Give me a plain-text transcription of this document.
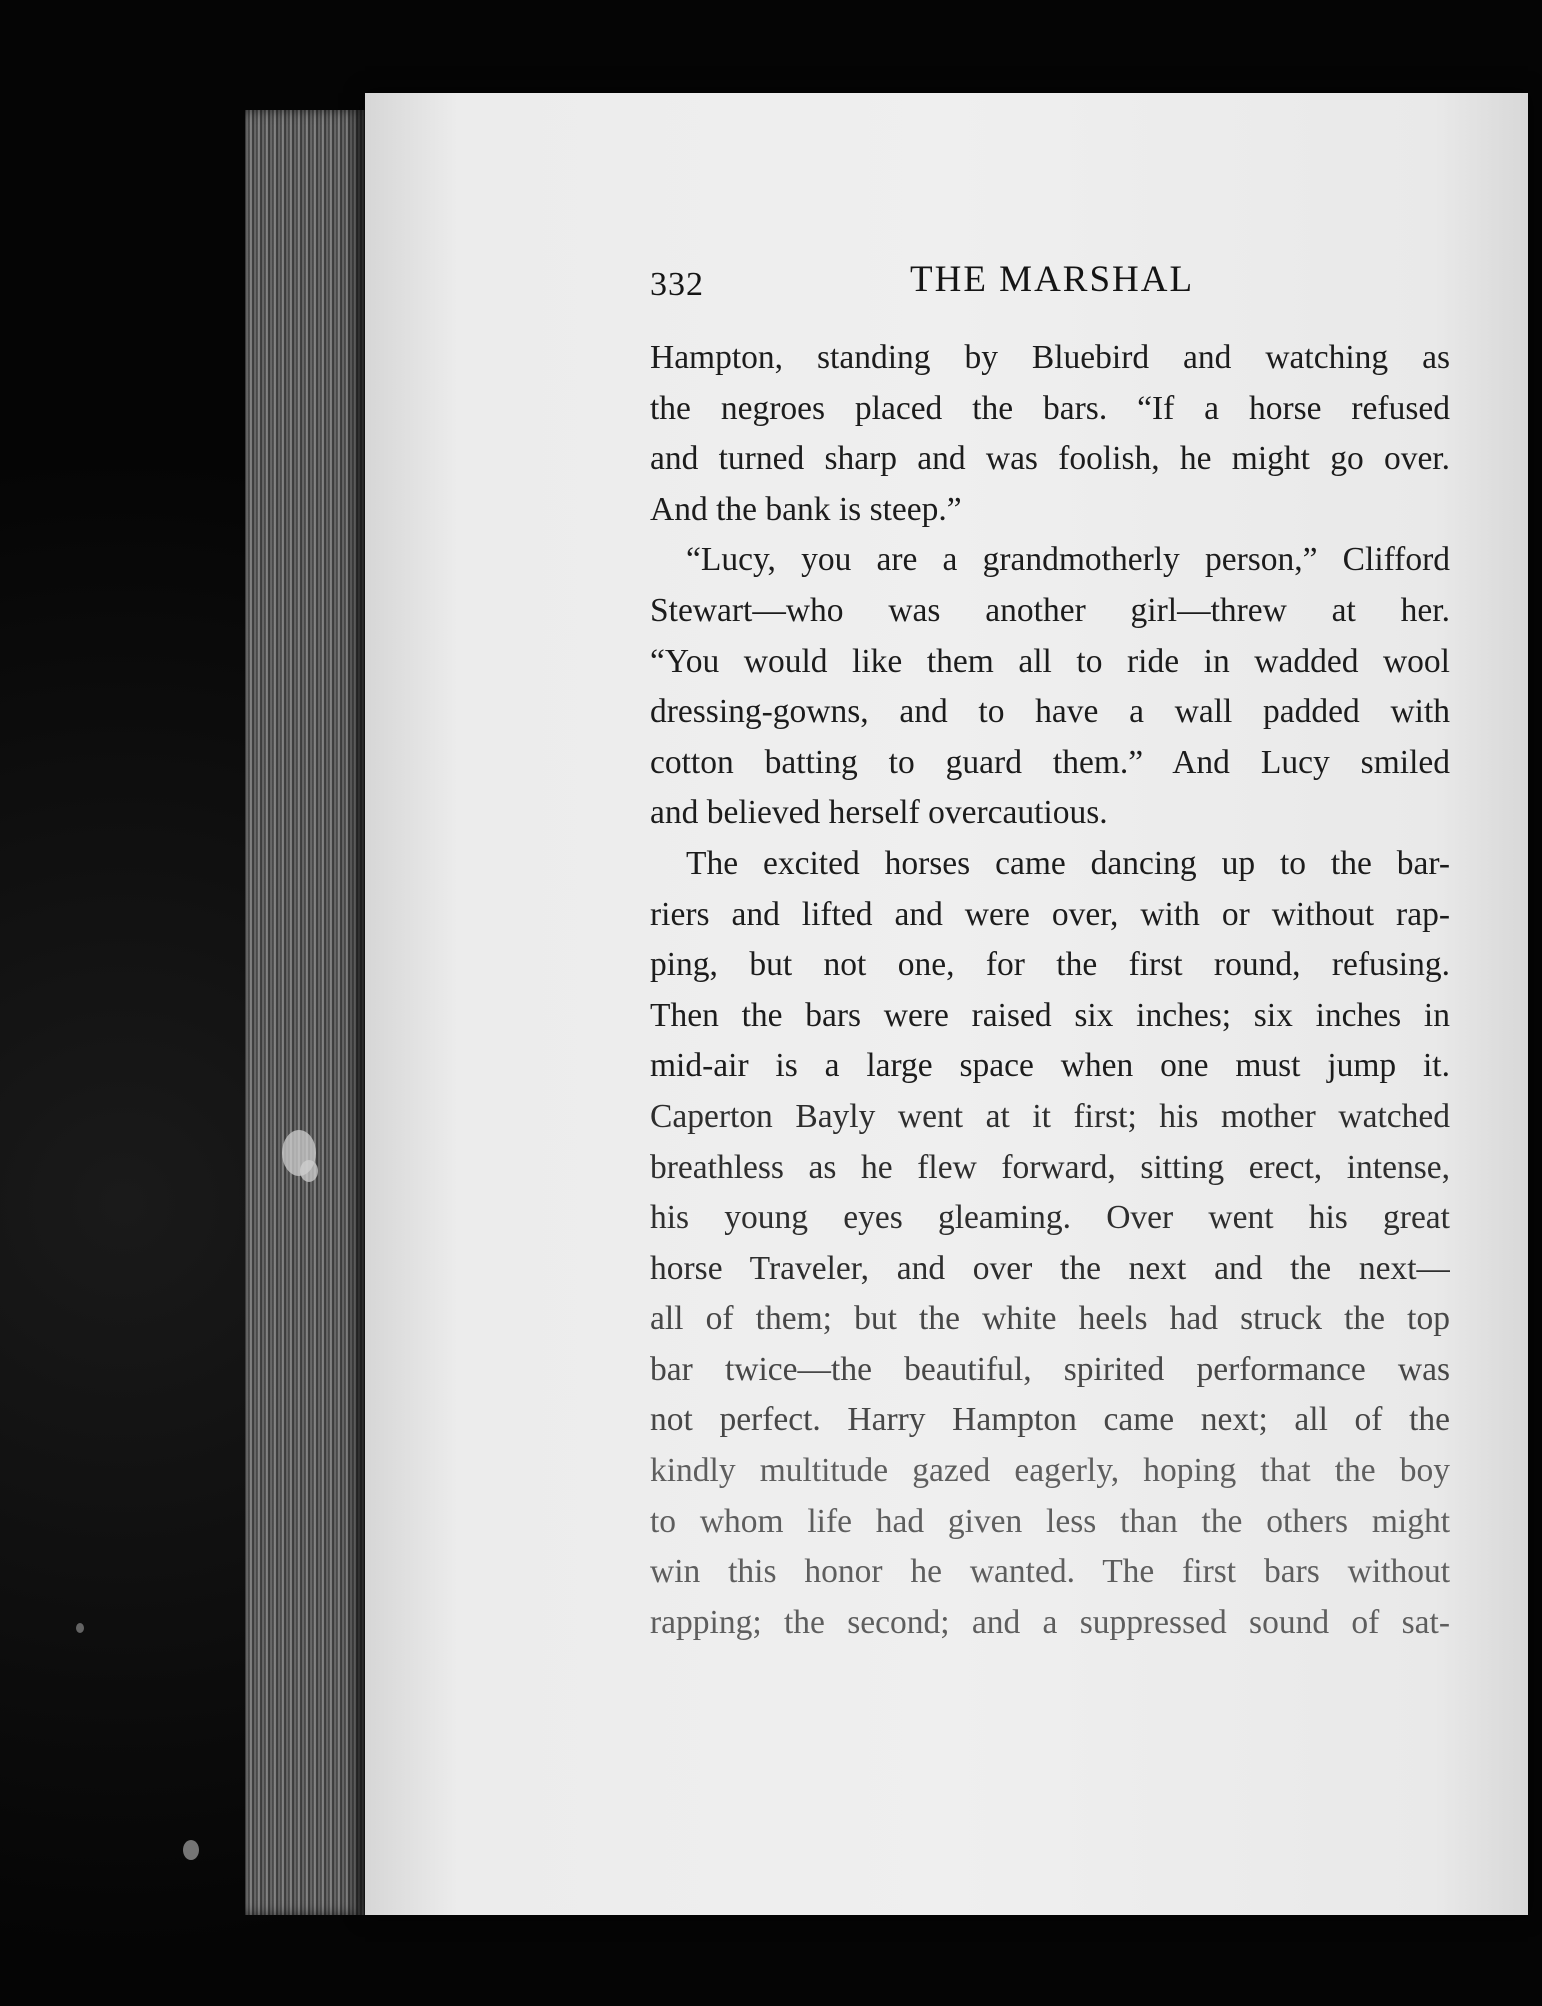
332	THE MARSHAL
Hampton, standing by Bluebird and watching as
the negroes placed the bars. “If a horse refused
and turned sharp and was foolish, he might go over.
And the bank is steep.”
“Lucy, you are a grandmotherly person,” Clifford
Stewart—who was another girl—threw at her.
“You would like them all to ride in wadded wool
dressing-gowns, and to have a wall padded with
cotton batting to guard them.” And Lucy smiled
and believed herself overcautious.
The excited horses came dancing up to the bar-
riers and lifted and were over, with or without rap-
ping, but not one, for the first round, refusing.
Then the bars were raised six inches; six inches in
mid-air is a large space when one must jump it.
Caperton Bayly went at it first; his mother watched
breathless as he flew forward, sitting erect, intense,
his young eyes gleaming. Over went his great
horse Traveler, and over the next and the next—
all of them; but the white heels had struck the top
bar twice—the beautiful, spirited performance was
not perfect. Harry Hampton came next; all of the
kindly multitude gazed eagerly, hoping that the boy
to whom life had given less than the others might
win this honor he wanted. The first bars without
rapping; the second; and a suppressed sound of sat-
